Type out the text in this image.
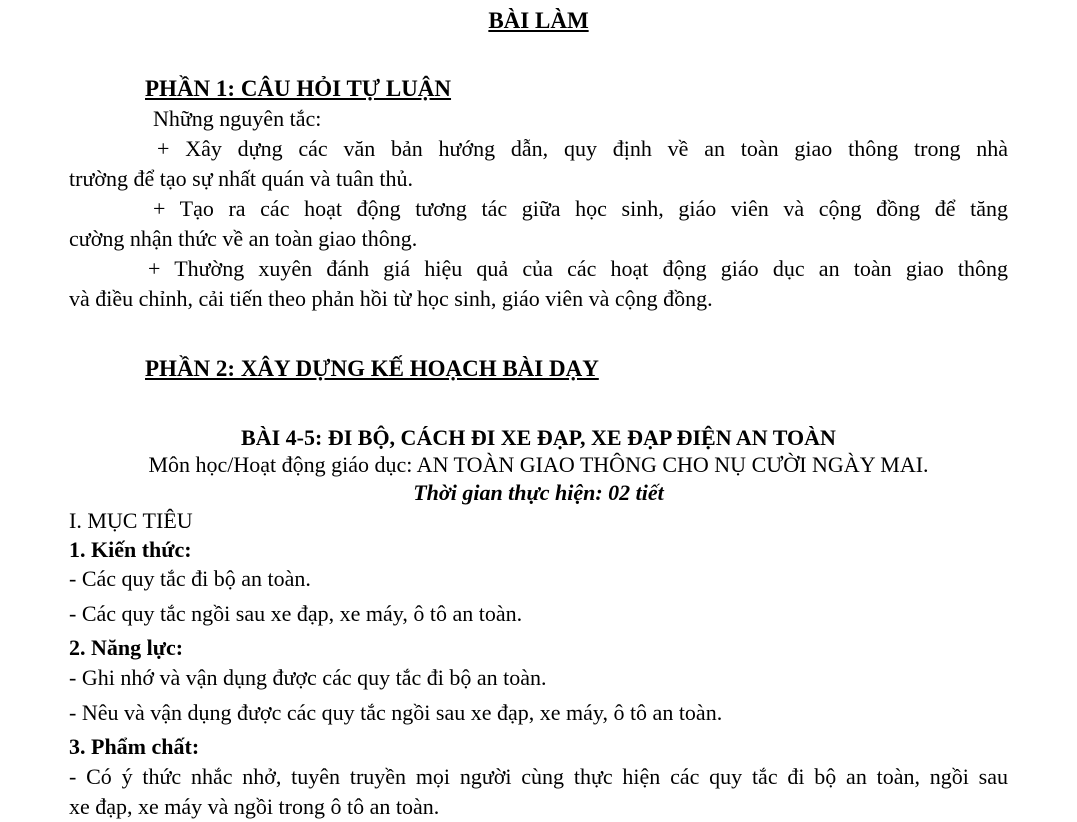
BÀI LÀM
PHẦN 1: CÂU HỎI TỰ LUẬN
Những nguyên tắc:
+ Xây dựng các văn bản hướng dẫn, quy định về an toàn giao thông trong nhà
trường để tạo sự nhất quán và tuân thủ.
+ Tạo ra các hoạt động tương tác giữa học sinh, giáo viên và cộng đồng để tăng
cường nhận thức về an toàn giao thông.
+ Thường xuyên đánh giá hiệu quả của các hoạt động giáo dục an toàn giao thông
và điều chỉnh, cải tiến theo phản hồi từ học sinh, giáo viên và cộng đồng.
PHẦN 2: XÂY DỰNG KẾ HOẠCH BÀI DẠY
BÀI 4-5: ĐI BỘ, CÁCH ĐI XE ĐẠP, XE ĐẠP ĐIỆN AN TOÀN
Môn học/Hoạt động giáo dục: AN TOÀN GIAO THÔNG CHO NỤ CƯỜI NGÀY MAI.
Thời gian thực hiện: 02 tiết
I. MỤC TIÊU
1. Kiến thức:
- Các quy tắc đi bộ an toàn.
- Các quy tắc ngồi sau xe đạp, xe máy, ô tô an toàn.
2. Năng lực:
- Ghi nhớ và vận dụng được các quy tắc đi bộ an toàn.
- Nêu và vận dụng được các quy tắc ngồi sau xe đạp, xe máy, ô tô an toàn.
3. Phẩm chất:
- Có ý thức nhắc nhở, tuyên truyền mọi người cùng thực hiện các quy tắc đi bộ an toàn, ngồi sau
xe đạp, xe máy và ngồi trong ô tô an toàn.
